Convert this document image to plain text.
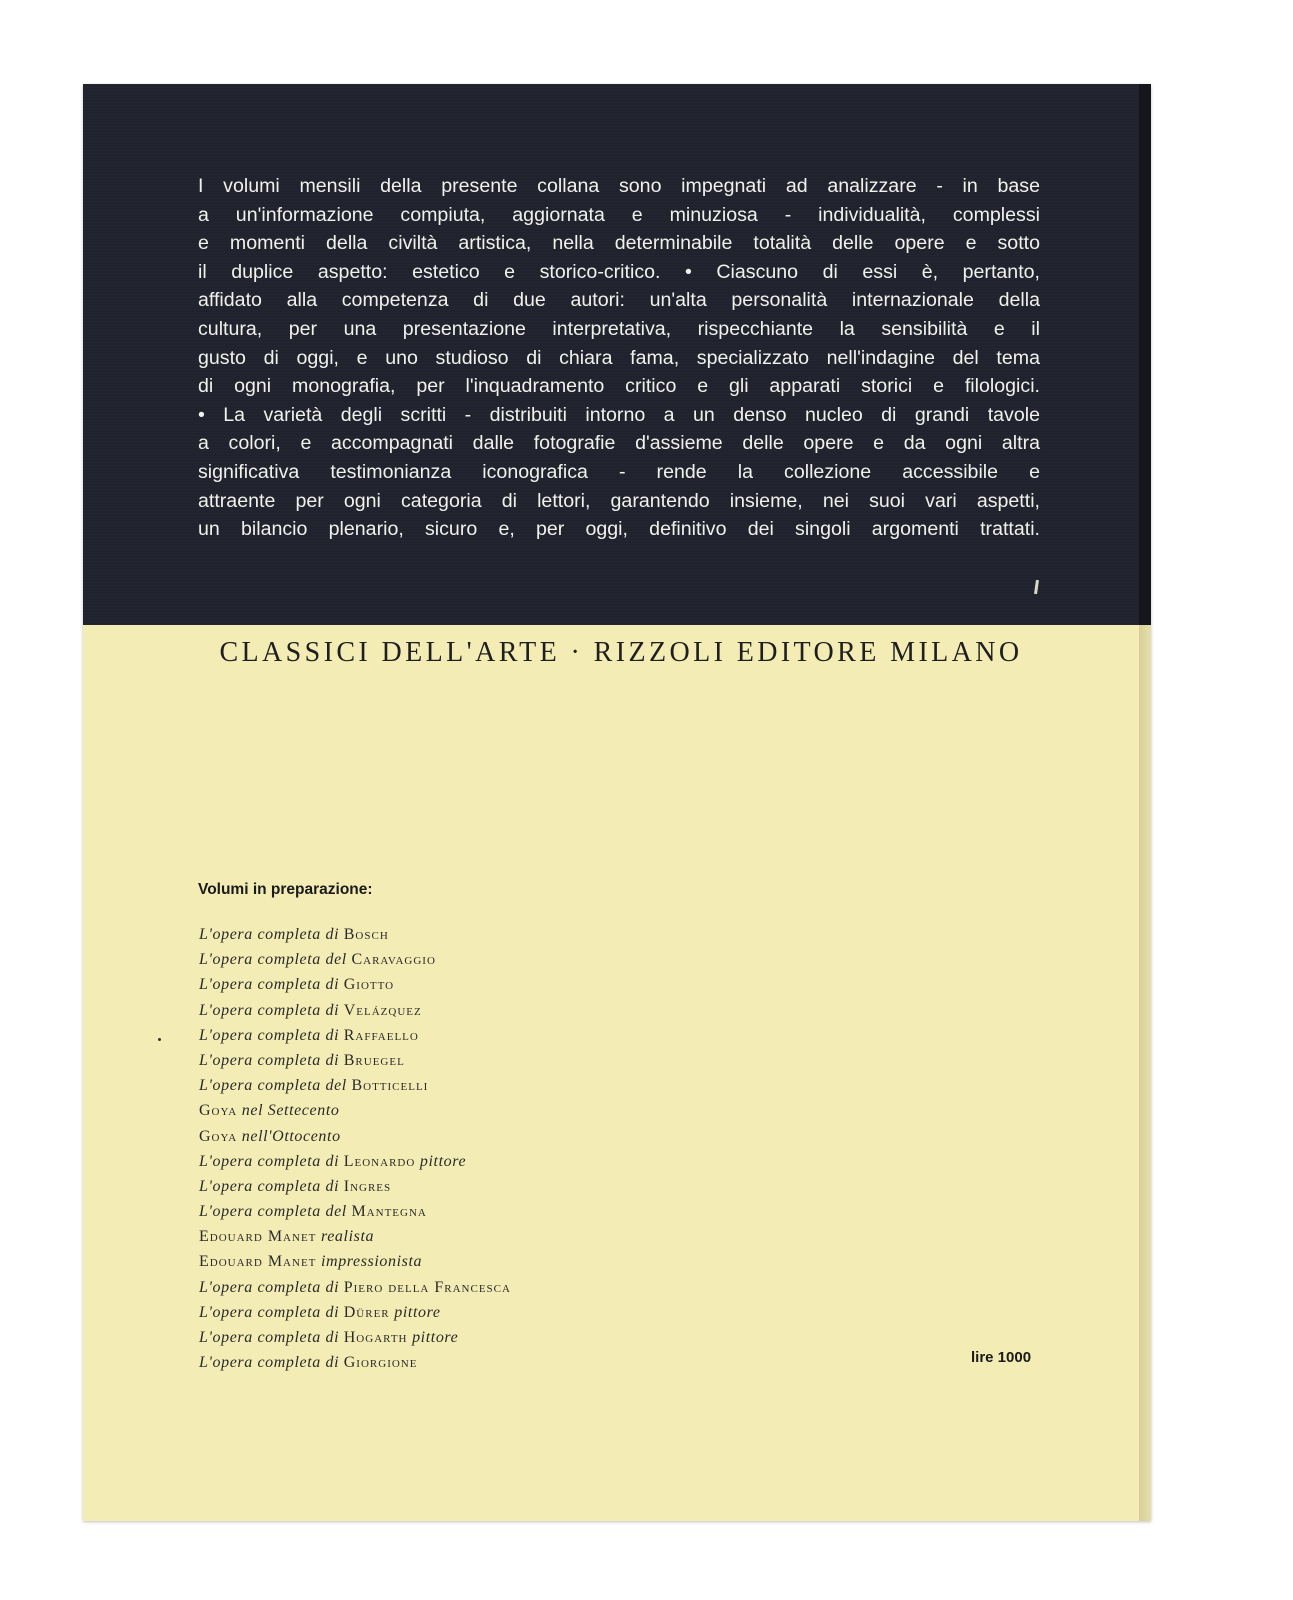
I volumi mensili della presente collana sono impegnati ad analizzare - in base
a un'informazione compiuta, aggiornata e minuziosa - individualità, complessi
e momenti della civiltà artistica, nella determinabile totalità delle opere e sotto
il duplice aspetto: estetico e storico-critico. • Ciascuno di essi è, pertanto,
affidato alla competenza di due autori: un'alta personalità internazionale della
cultura, per una presentazione interpretativa, rispecchiante la sensibilità e il
gusto di oggi, e uno studioso di chiara fama, specializzato nell'indagine del tema
di ogni monografia, per l'inquadramento critico e gli apparati storici e filologici.
• La varietà degli scritti - distribuiti intorno a un denso nucleo di grandi tavole
a colori, e accompagnati dalle fotografie d'assieme delle opere e da ogni altra
significativa testimonianza iconografica - rende la collezione accessibile e
attraente per ogni categoria di lettori, garantendo insieme, nei suoi vari aspetti,
un bilancio plenario, sicuro e, per oggi, definitivo dei singoli argomenti trattati.
CLASSICI DELL'ARTE · RIZZOLI EDITORE MILANO
Volumi in preparazione:
L'opera completa di Bosch
L'opera completa del Caravaggio
L'opera completa di Giotto
L'opera completa di Velázquez
L'opera completa di Raffaello
L'opera completa di Bruegel
L'opera completa del Botticelli
Goya nel Settecento
Goya nell'Ottocento
L'opera completa di Leonardo pittore
L'opera completa di Ingres
L'opera completa del Mantegna
Edouard Manet realista
Edouard Manet impressionista
L'opera completa di Piero della Francesca
L'opera completa di Dürer pittore
L'opera completa di Hogarth pittore
L'opera completa di Giorgione	lire 1000
